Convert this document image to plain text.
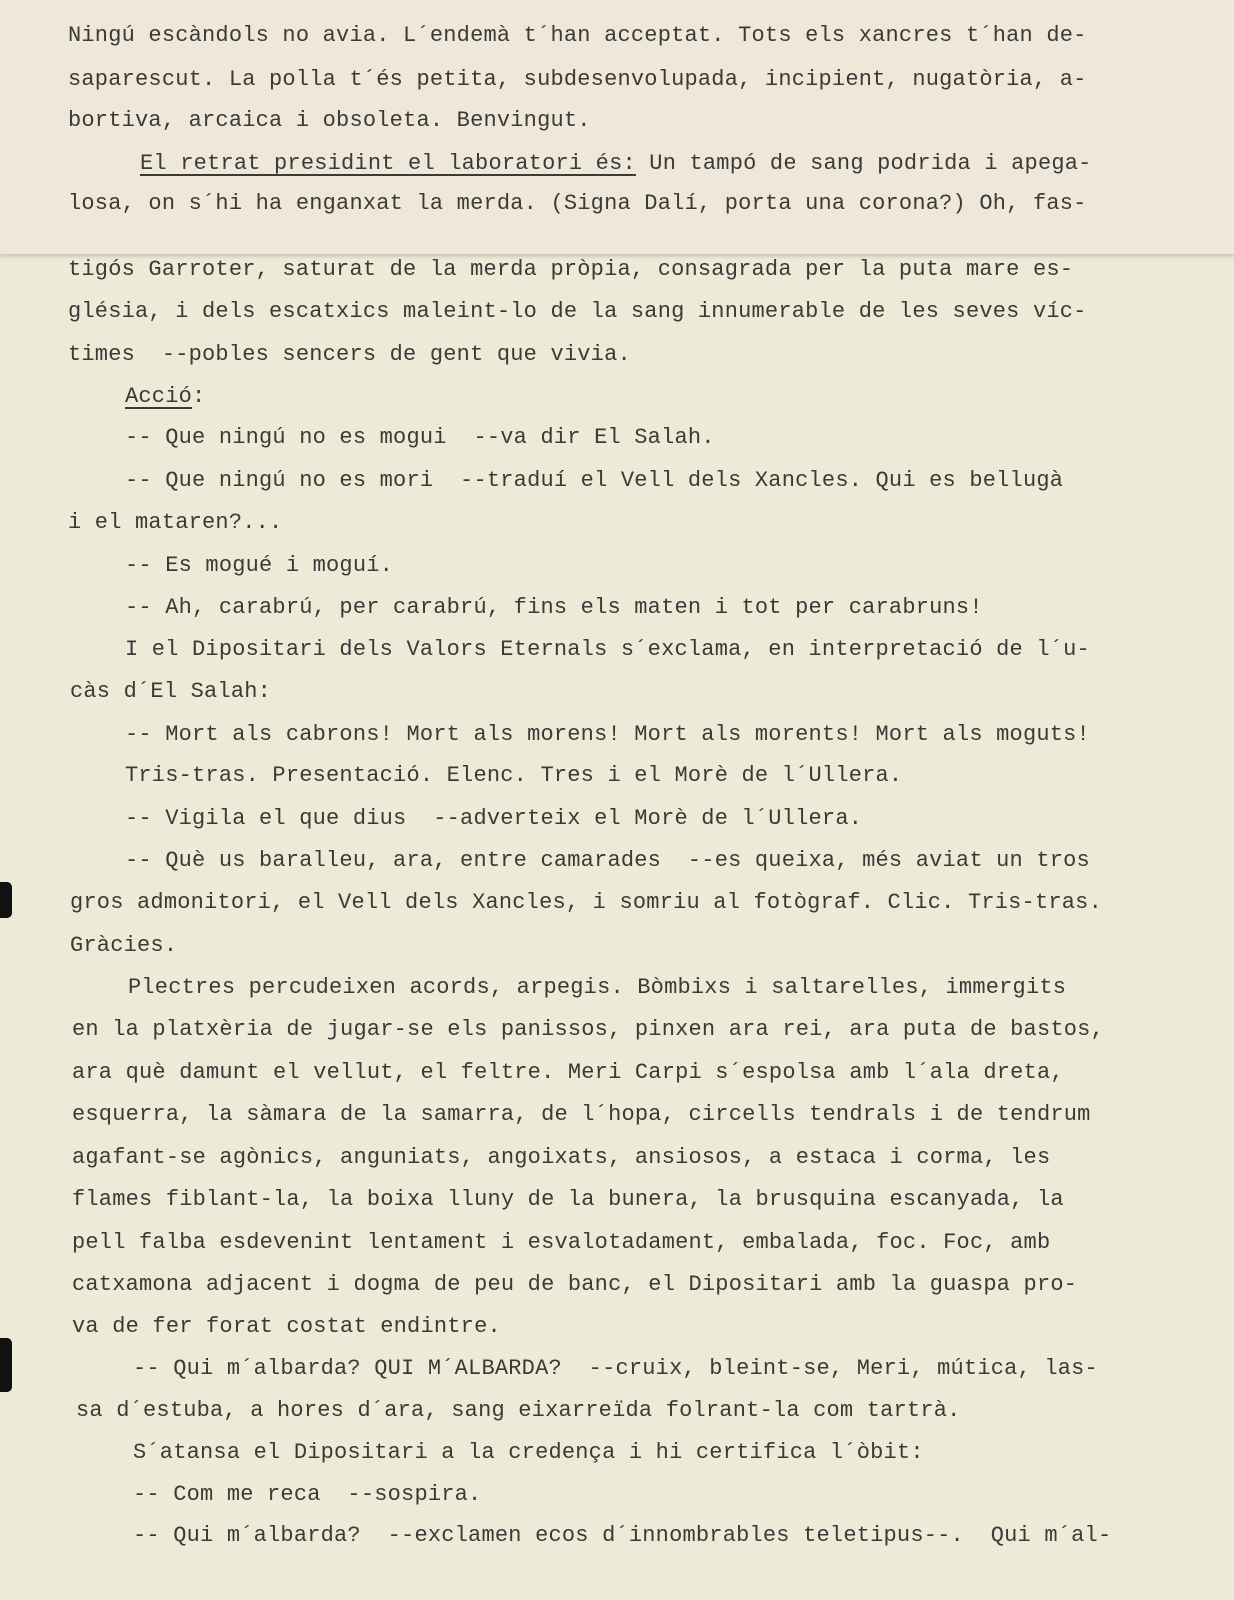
Ningú escàndols no avia. L´endemà t´han acceptat. Tots els xancres t´han de-
saparescut. La polla t´és petita, subdesenvolupada, incipient, nugatòria, a-
bortiva, arcaica i obsoleta. Benvingut.

El retrat presidint el laboratori és: Un tampó de sang podrida i apega-

losa, on s´hi ha enganxat la merda. (Signa Dalí, porta una corona?) Oh, fas-
tigós Garroter, saturat de la merda pròpia, consagrada per la puta mare es-
glésia, i dels escatxics maleint-lo de la sang innumerable de les seves víc-
times  --pobles sencers de gent que vivia.

Acció:

-- Que ningú no es mogui  --va dir El Salah.
-- Que ningú no es mori  --traduí el Vell dels Xancles. Qui es bellugà
i el mataren?...
-- Es mogué i moguí.
-- Ah, carabrú, per carabrú, fins els maten i tot per carabruns!
I el Dipositari dels Valors Eternals s´exclama, en interpretació de l´u-
càs d´El Salah:
-- Mort als cabrons! Mort als morens! Mort als morents! Mort als moguts!
Tris-tras. Presentació. Elenc. Tres i el Morè de l´Ullera.
-- Vigila el que dius  --adverteix el Morè de l´Ullera.
-- Què us baralleu, ara, entre camarades  --es queixa, més aviat un tros
gros admonitori, el Vell dels Xancles, i somriu al fotògraf. Clic. Tris-tras.
Gràcies.
Plectres percudeixen acords, arpegis. Bòmbixs i saltarelles, immergits
en la platxèria de jugar-se els panissos, pinxen ara rei, ara puta de bastos,
ara què damunt el vellut, el feltre. Meri Carpi s´espolsa amb l´ala dreta,
esquerra, la sàmara de la samarra, de l´hopa, circells tendrals i de tendrum
agafant-se agònics, anguniats, angoixats, ansiosos, a estaca i corma, les
flames fiblant-la, la boixa lluny de la bunera, la brusquina escanyada, la
pell falba esdevenint lentament i esvalotadament, embalada, foc. Foc, amb
catxamona adjacent i dogma de peu de banc, el Dipositari amb la guaspa pro-
va de fer forat costat endintre.
-- Qui m´albarda? QUI M´ALBARDA?  --cruix, bleint-se, Meri, mútica, las-
sa d´estuba, a hores d´ara, sang eixarreïda folrant-la com tartrà.
S´atansa el Dipositari a la credença i hi certifica l´òbit:
-- Com me reca  --sospira.
-- Qui m´albarda?  --exclamen ecos d´innombrables teletipus--.  Qui m´al-
